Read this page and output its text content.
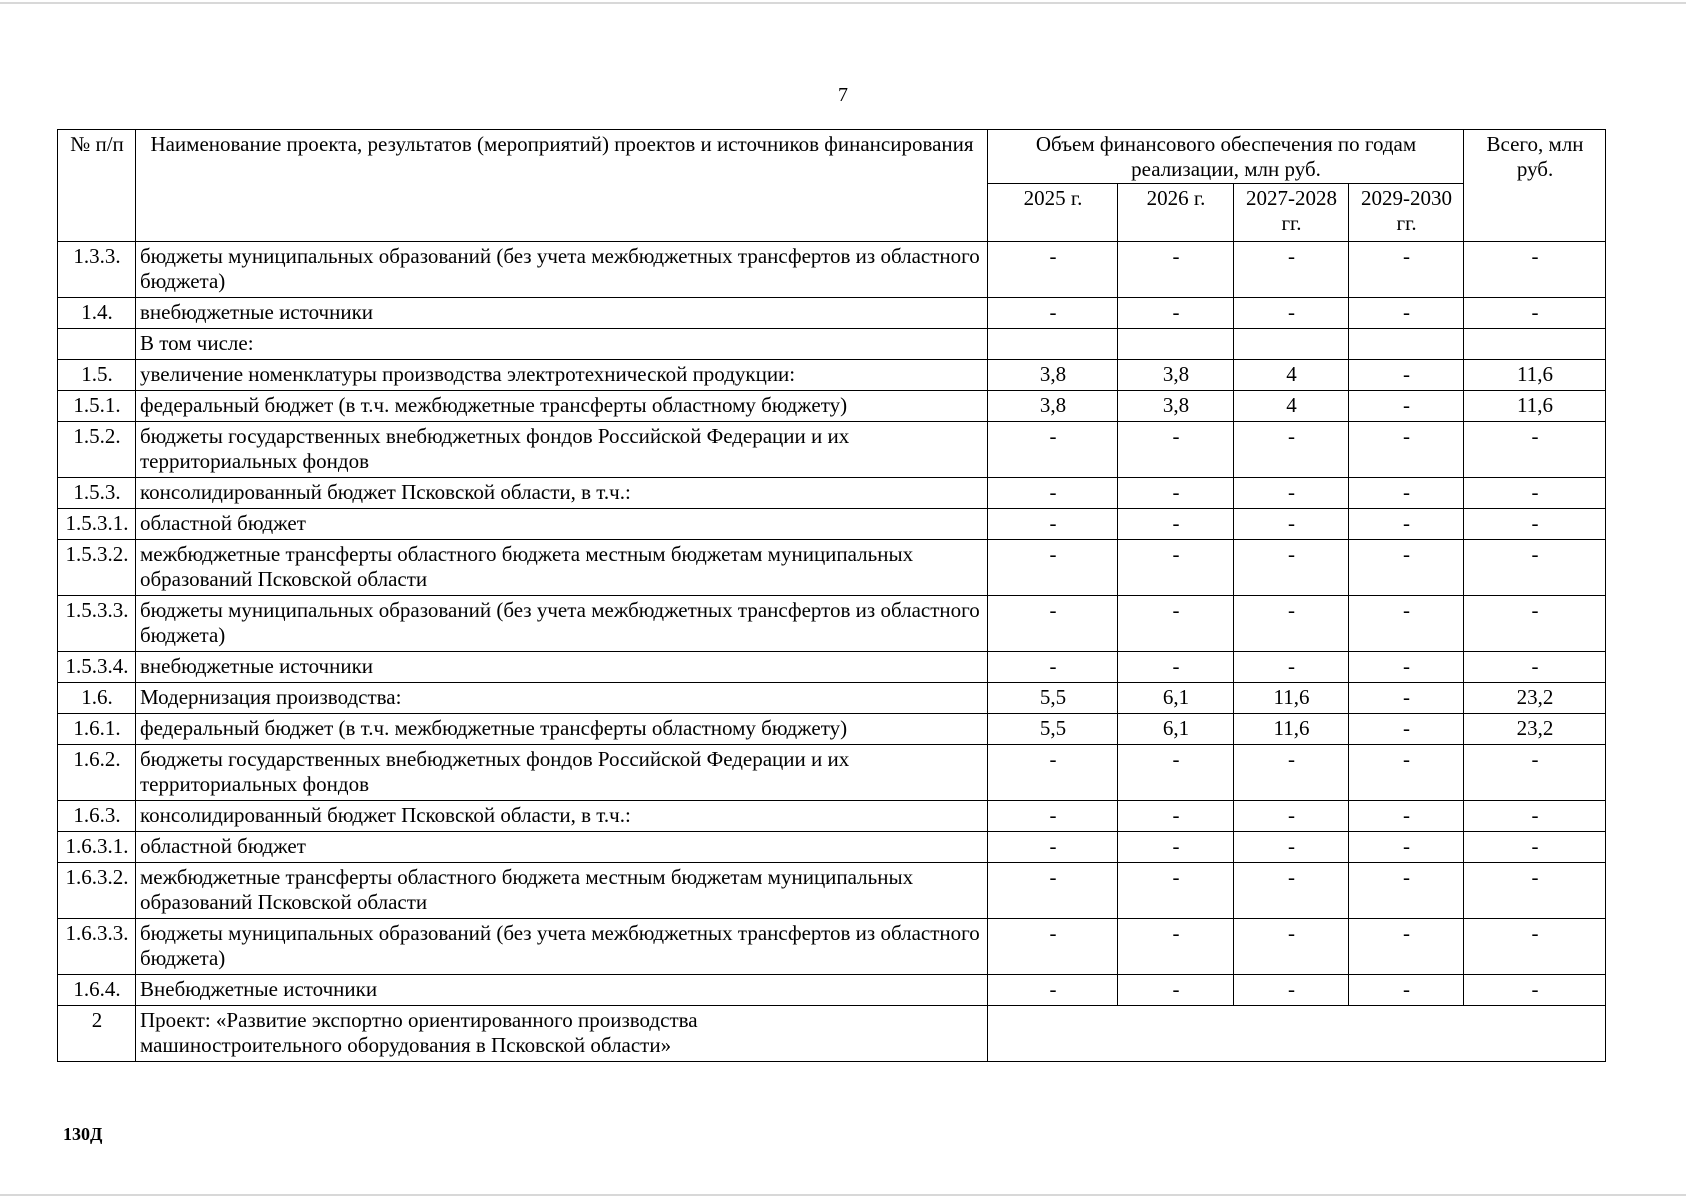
7
№ п/п	Наименование проекта, результатов (мероприятий) проектов и источников финансирования	Объем финансового обеспечения по годам реализации, млн руб.				Всего, млн руб.
		2025 г.	2026 г.	2027-2028 гг.	2029-2030 гг.	
1.3.3.	бюджеты муниципальных образований (без учета межбюджетных трансфертов из областного бюджета)	-	-	-	-	-
1.4.	внебюджетные источники	-	-	-	-	-
	В том числе:					
1.5.	увеличение номенклатуры производства электротехнической продукции:	3,8	3,8	4	-	11,6
1.5.1.	федеральный бюджет (в т.ч. межбюджетные трансферты областному бюджету)	3,8	3,8	4	-	11,6
1.5.2.	бюджеты государственных внебюджетных фондов Российской Федерации и их территориальных фондов	-	-	-	-	-
1.5.3.	консолидированный бюджет Псковской области, в т.ч.:	-	-	-	-	-
1.5.3.1.	областной бюджет	-	-	-	-	-
1.5.3.2.	межбюджетные трансферты областного бюджета местным бюджетам муниципальных образований Псковской области	-	-	-	-	-
1.5.3.3.	бюджеты муниципальных образований (без учета межбюджетных трансфертов из областного бюджета)	-	-	-	-	-
1.5.3.4.	внебюджетные источники	-	-	-	-	-
1.6.	Модернизация производства:	5,5	6,1	11,6	-	23,2
1.6.1.	федеральный бюджет (в т.ч. межбюджетные трансферты областному бюджету)	5,5	6,1	11,6	-	23,2
1.6.2.	бюджеты государственных внебюджетных фондов Российской Федерации и их территориальных фондов	-	-	-	-	-
1.6.3.	консолидированный бюджет Псковской области, в т.ч.:	-	-	-	-	-
1.6.3.1.	областной бюджет	-	-	-	-	-
1.6.3.2.	межбюджетные трансферты областного бюджета местным бюджетам муниципальных образований Псковской области	-	-	-	-	-
1.6.3.3.	бюджеты муниципальных образований (без учета межбюджетных трансфертов из областного бюджета)	-	-	-	-	-
1.6.4.	Внебюджетные источники	-	-	-	-	-
2	Проект: «Развитие экспортно ориентированного производства машиностроительного оборудования в Псковской области»					
130Д
